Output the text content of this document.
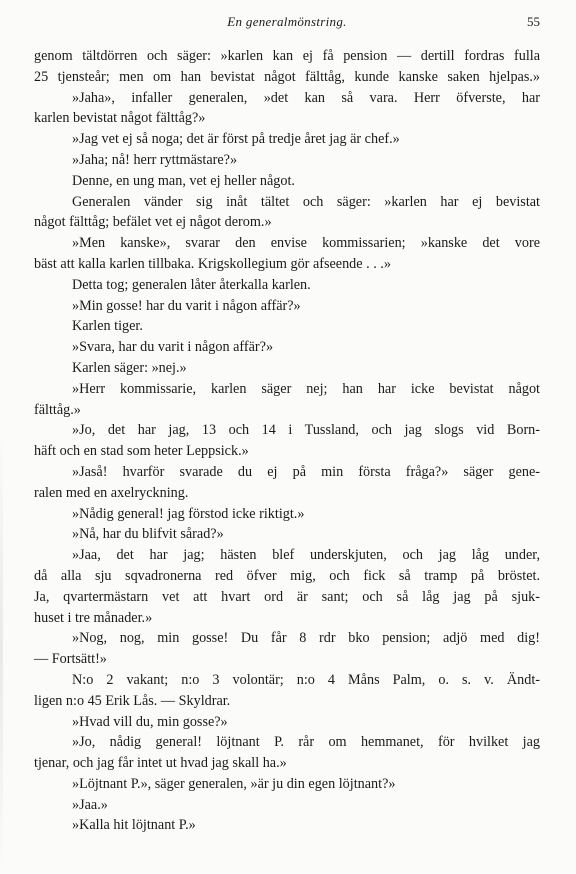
En generalmönstring.	55
genom tältdörren och säger: »karlen kan ej få pension — dertill fordras fulla
25 tjensteår; men om han bevistat något fälttåg, kunde kanske saken hjelpas.»
»Jaha», infaller generalen, »det kan så vara. Herr öfverste, har
karlen bevistat något fälttåg?»
»Jag vet ej så noga; det är först på tredje året jag är chef.»
»Jaha; nå! herr ryttmästare?»
Denne, en ung man, vet ej heller något.
Generalen vänder sig inåt tältet och säger: »karlen har ej bevistat
något fälttåg; befälet vet ej något derom.»
»Men kanske», svarar den envise kommissarien; »kanske det vore
bäst att kalla karlen tillbaka. Krigskollegium gör afseende . . .»
Detta tog; generalen låter återkalla karlen.
»Min gosse! har du varit i någon affär?»
Karlen tiger.
»Svara, har du varit i någon affär?»
Karlen säger: »nej.»
»Herr kommissarie, karlen säger nej; han har icke bevistat något
fälttåg.»
»Jo, det har jag, 13 och 14 i Tussland, och jag slogs vid Born-
häft och en stad som heter Leppsick.»
»Jaså! hvarför svarade du ej på min första fråga?» säger gene-
ralen med en axelryckning.
»Nådig general! jag förstod icke riktigt.»
»Nå, har du blifvit sårad?»
»Jaa, det har jag; hästen blef underskjuten, och jag låg under,
då alla sju sqvadronerna red öfver mig, och fick så tramp på bröstet.
Ja, qvartermästarn vet att hvart ord är sant; och så låg jag på sjuk-
huset i tre månader.»
»Nog, nog, min gosse! Du får 8 rdr bko pension; adjö med dig!
— Fortsätt!»
N:o 2 vakant; n:o 3 volontär; n:o 4 Måns Palm, o. s. v. Ändt-
ligen n:o 45 Erik Lås. — Skyldrar.
»Hvad vill du, min gosse?»
»Jo, nådig general! löjtnant P. rår om hemmanet, för hvilket jag
tjenar, och jag får intet ut hvad jag skall ha.»
»Löjtnant P.», säger generalen, »är ju din egen löjtnant?»
»Jaa.»
»Kalla hit löjtnant P.»
